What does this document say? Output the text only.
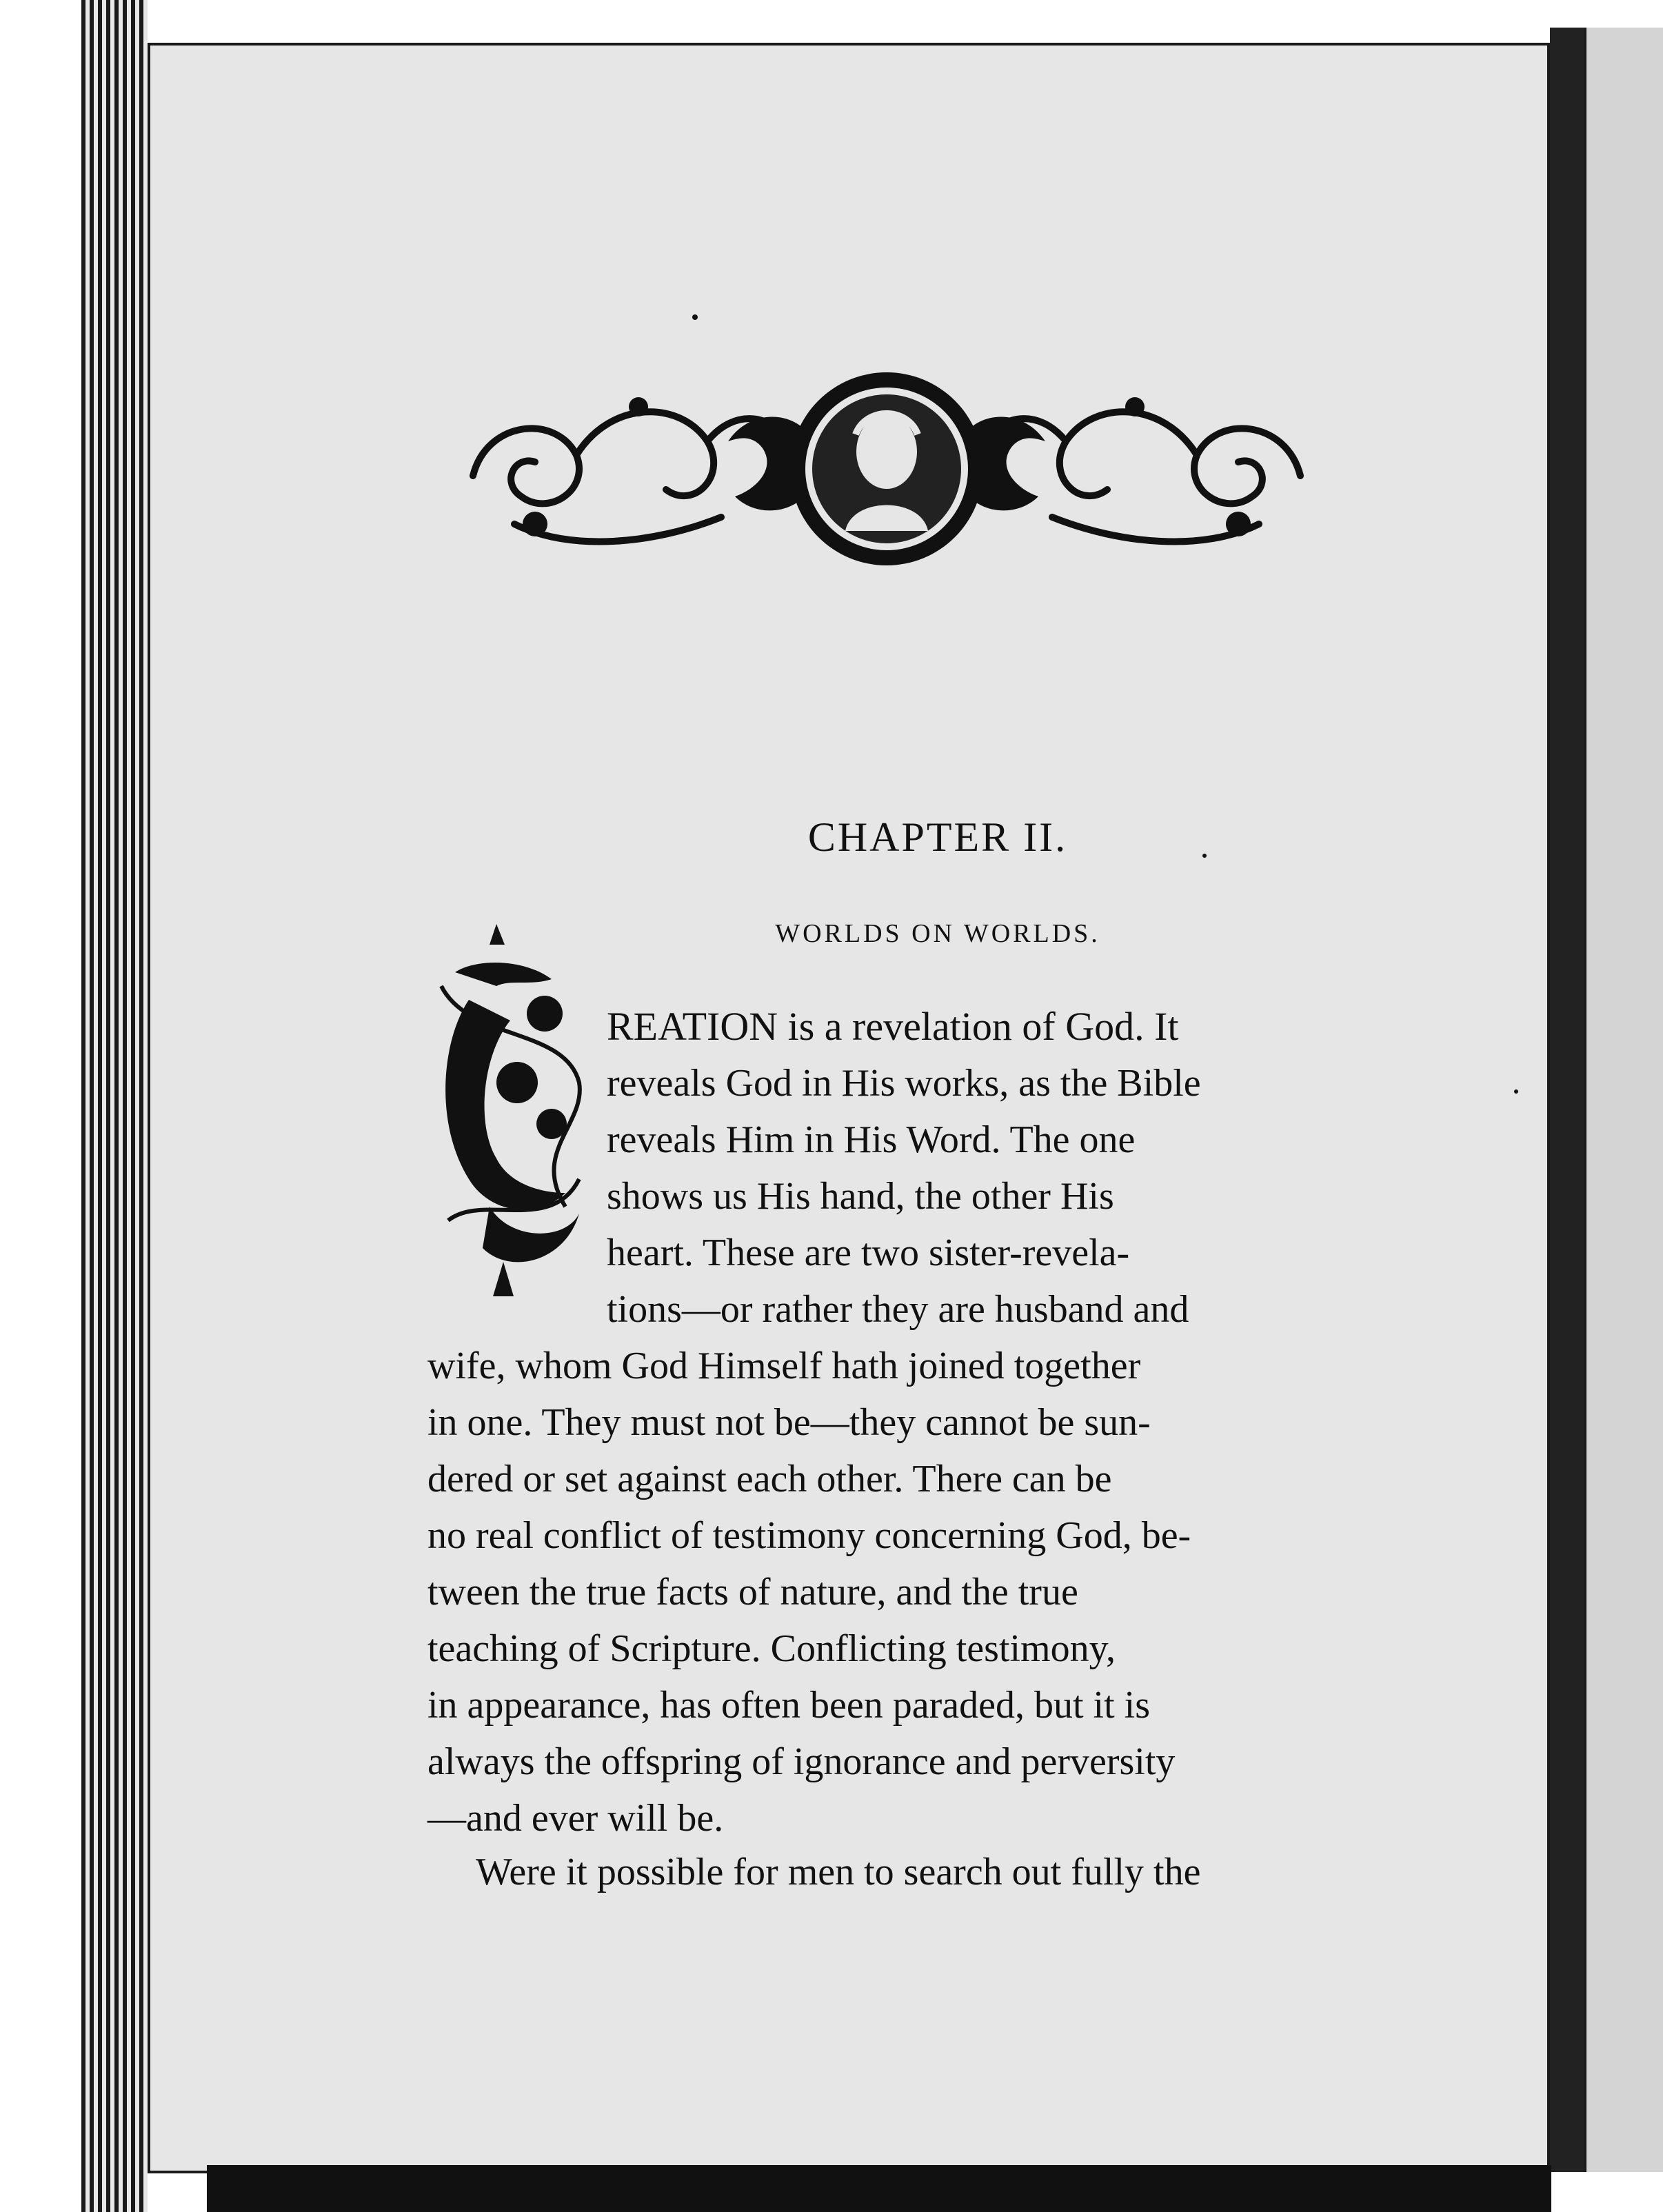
CHAPTER II.
WORLDS ON WORLDS.
REATION is a revelation of God. It
reveals God in His works, as the Bible
reveals Him in His Word. The one
shows us His hand, the other His
heart. These are two sister-revela-
tions—or rather they are husband and
wife, whom God Himself hath joined together
in one. They must not be—they cannot be sun-
dered or set against each other. There can be
no real conflict of testimony concerning God, be-
tween the true facts of nature, and the true
teaching of Scripture. Conflicting testimony,
in appearance, has often been paraded, but it is
always the offspring of ignorance and perversity
—and ever will be.
Were it possible for men to search out fully the
